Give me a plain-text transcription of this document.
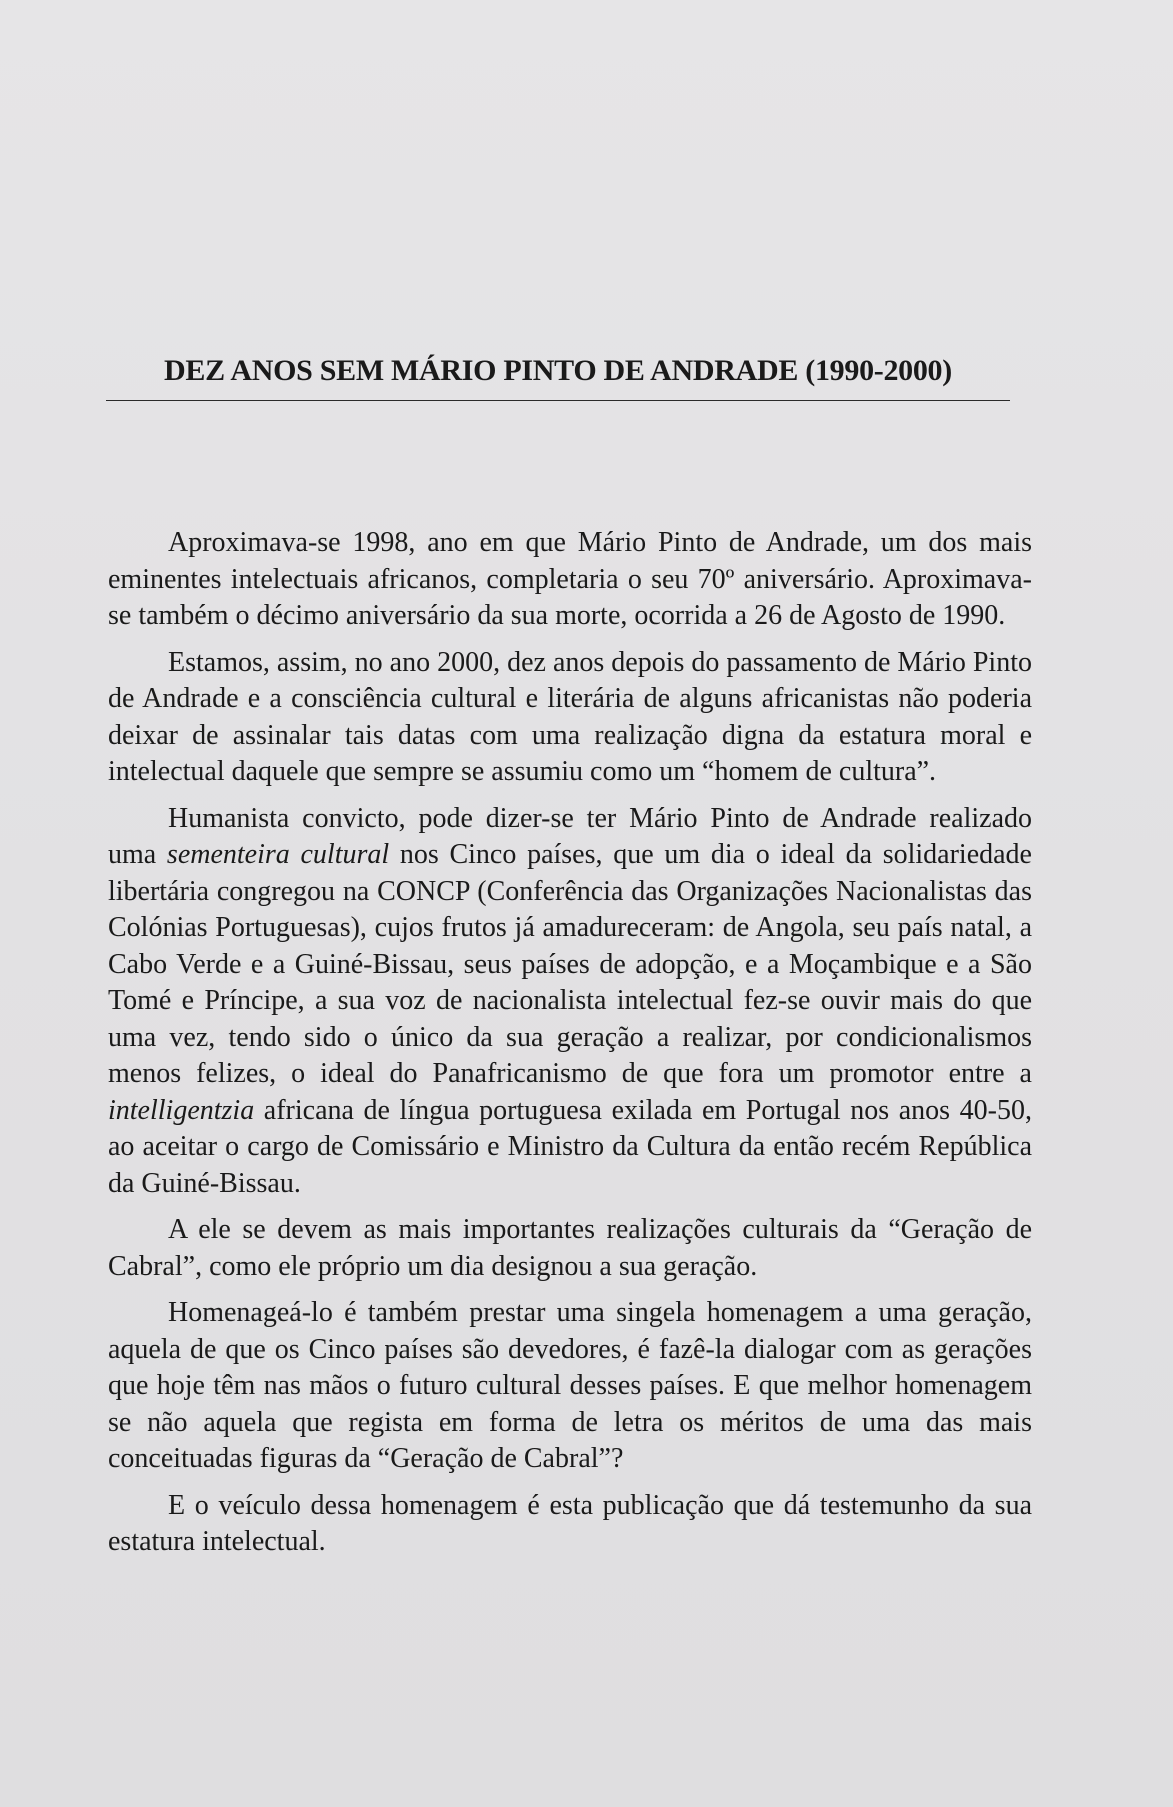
DEZ ANOS SEM MÁRIO PINTO DE ANDRADE (1990-2000)

Aproximava-se 1998, ano em que Mário Pinto de Andrade, um dos mais eminentes intelectuais africanos, completaria o seu 70º aniversário. Aproximava-se também o décimo aniversário da sua morte, ocorrida a 26 de Agosto de 1990.

Estamos, assim, no ano 2000, dez anos depois do passamento de Mário Pinto de Andrade e a consciência cultural e literária de alguns africanistas não poderia deixar de assinalar tais datas com uma realização digna da estatura moral e intelectual daquele que sempre se assumiu como um “homem de cultura”.

Humanista convicto, pode dizer-se ter Mário Pinto de Andrade realizado uma sementeira cultural nos Cinco países, que um dia o ideal da solidariedade libertária congregou na CONCP (Conferência das Organizações Nacionalistas das Colónias Portuguesas), cujos frutos já amadureceram: de Angola, seu país natal, a Cabo Verde e a Guiné-Bissau, seus países de adopção, e a Moçambique e a São Tomé e Príncipe, a sua voz de nacionalista intelectual fez-se ouvir mais do que uma vez, tendo sido o único da sua geração a realizar, por condicionalismos menos felizes, o ideal do Panafricanismo de que fora um promotor entre a intelligentzia africana de língua portuguesa exilada em Portugal nos anos 40-50, ao aceitar o cargo de Comissário e Ministro da Cultura da então recém República da Guiné-Bissau.

A ele se devem as mais importantes realizações culturais da “Geração de Cabral”, como ele próprio um dia designou a sua geração.

Homenageá-lo é também prestar uma singela homenagem a uma geração, aquela de que os Cinco países são devedores, é fazê-la dialogar com as gerações que hoje têm nas mãos o futuro cultural desses países. E que melhor homenagem se não aquela que regista em forma de letra os méritos de uma das mais conceituadas figuras da “Geração de Cabral”?

E o veículo dessa homenagem é esta publicação que dá testemunho da sua estatura intelectual.
